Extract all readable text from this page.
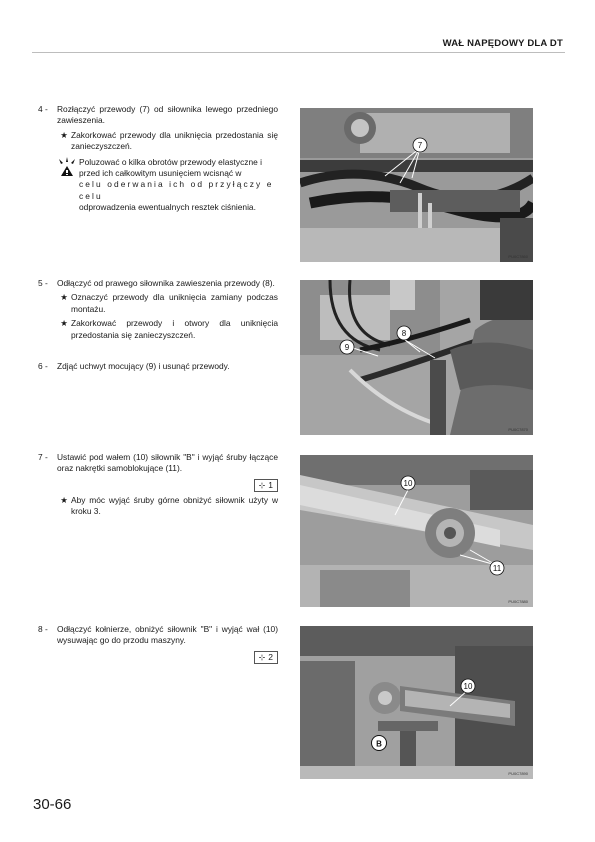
WAŁ NAPĘDOWY DLA DT
4 -	Rozłączyć przewody (7) od siłownika lewego przedniego zawieszenia.
★ Zakorkować przewody dla uniknięcia przedostania się zanieczyszczeń.

Poluzować o kilka obrotów przewody elastyczne i przed ich całkowitym usunięciem wcisnąć w

celu oderwania ich od przyłączy e celu

odprowadzenia ewentualnych resztek ciśnienia.

7
PU0C7860
5 -	Odłączyć od prawego siłownika zawieszenia przewody (8).
★ Oznaczyć przewody dla uniknięcia zamiany podczas montażu.
★ Zakorkować przewody i otwory dla uniknięcia przedostania się zanieczyszczeń.
6 -	Zdjąć uchwyt mocujący (9) i usunąć przewody.
8
9
PU0C7870
7 -	Ustawić pod wałem (10) siłownik "B" i wyjąć śruby łączące oraz nakrętki samoblokujące (11).
⊹ 1
★ Aby móc wyjąć śruby górne obniżyć siłownik użyty w kroku 3.
10
11
PU0C7880
8 -	Odłączyć kołnierze, obniżyć siłownik "B" i wyjąć wał (10) wysuwając go do przodu maszyny.
⊹ 2
10
B
PU0C7890
30-66
